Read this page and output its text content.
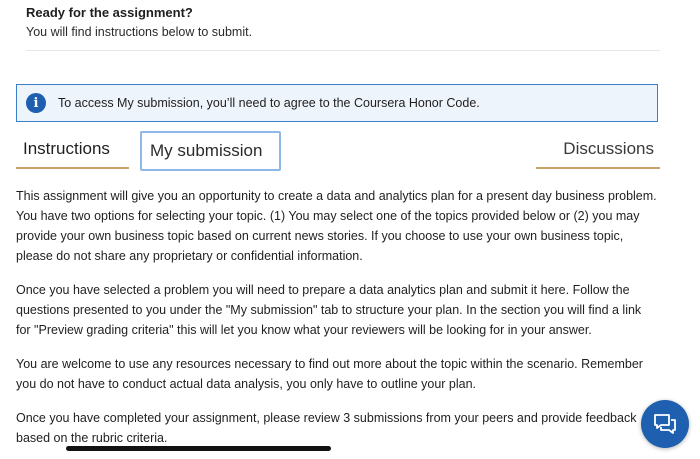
Ready for the assignment?
You will find instructions below to submit.
i	To access My submission, you’ll need to agree to the Coursera Honor Code.
Instructions	My submission	Discussions

This assignment will give you an opportunity to create a data and analytics plan for a present day business problem. You have two options for selecting your topic. (1) You may select one of the topics provided below or (2) you may provide your own business topic based on current news stories. If you choose to use your own business topic, please do not share any proprietary or confidential information.

Once you have selected a problem you will need to prepare a data analytics plan and submit it here. Follow the questions presented to you under the "My submission" tab to structure your plan. In the section you will find a link for "Preview grading criteria" this will let you know what your reviewers will be looking for in your answer.

You are welcome to use any resources necessary to find out more about the topic within the scenario. Remember you do not have to conduct actual data analysis, you only have to outline your plan.

Once you have completed your assignment, please review 3 submissions from your peers and provide feedback based on the rubric criteria.
